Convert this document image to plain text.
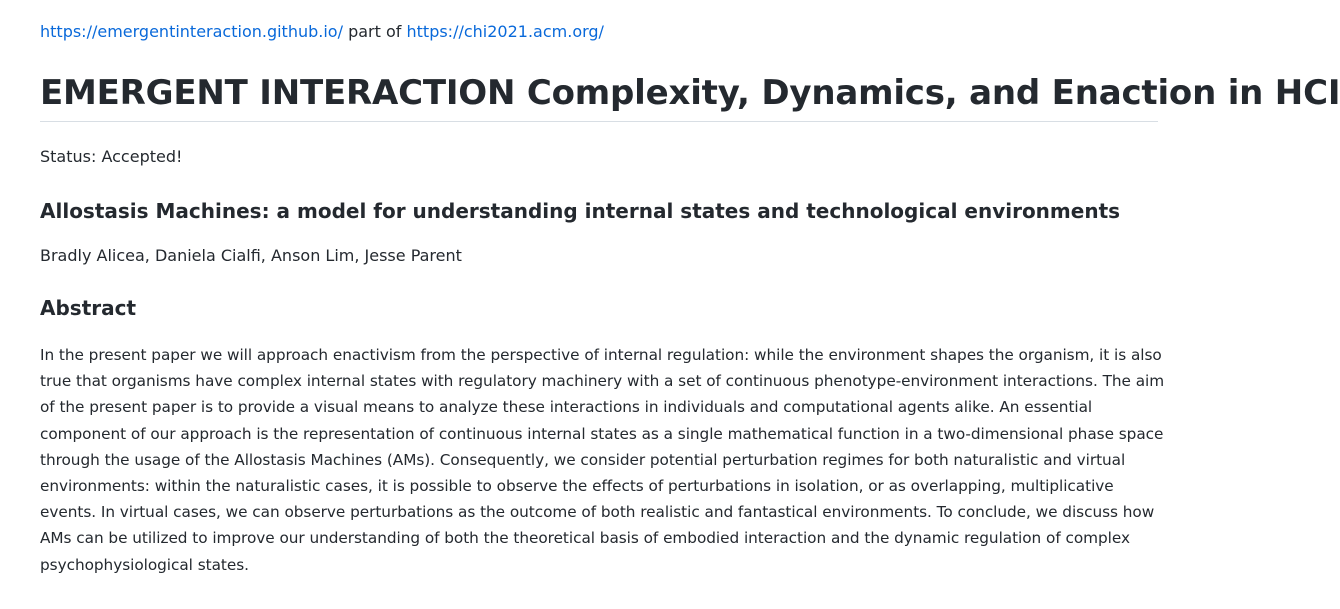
https://emergentinteraction.github.io/ part of https://chi2021.acm.org/
EMERGENT INTERACTION Complexity, Dynamics, and Enaction in HCI
Status: Accepted!
Allostasis Machines: a model for understanding internal states and technological environments
Bradly Alicea, Daniela Cialfi, Anson Lim, Jesse Parent
Abstract

In the present paper we will approach enactivism from the perspective of internal regulation: while the environment shapes the organism, it is also true that organisms have complex internal states with regulatory machinery with a set of continuous phenotype-environment interactions. The aim of the present paper is to provide a visual means to analyze these interactions in individuals and computational agents alike. An essential component of our approach is the representation of continuous internal states as a single mathematical function in a two-dimensional phase space through the usage of the Allostasis Machines (AMs). Consequently, we consider potential perturbation regimes for both naturalistic and virtual environments: within the naturalistic cases, it is possible to observe the effects of perturbations in isolation, or as overlapping, multiplicative events. In virtual cases, we can observe perturbations as the outcome of both realistic and fantastical environments. To conclude, we discuss how AMs can be utilized to improve our understanding of both the theoretical basis of embodied interaction and the dynamic regulation of complex psychophysiological states.
